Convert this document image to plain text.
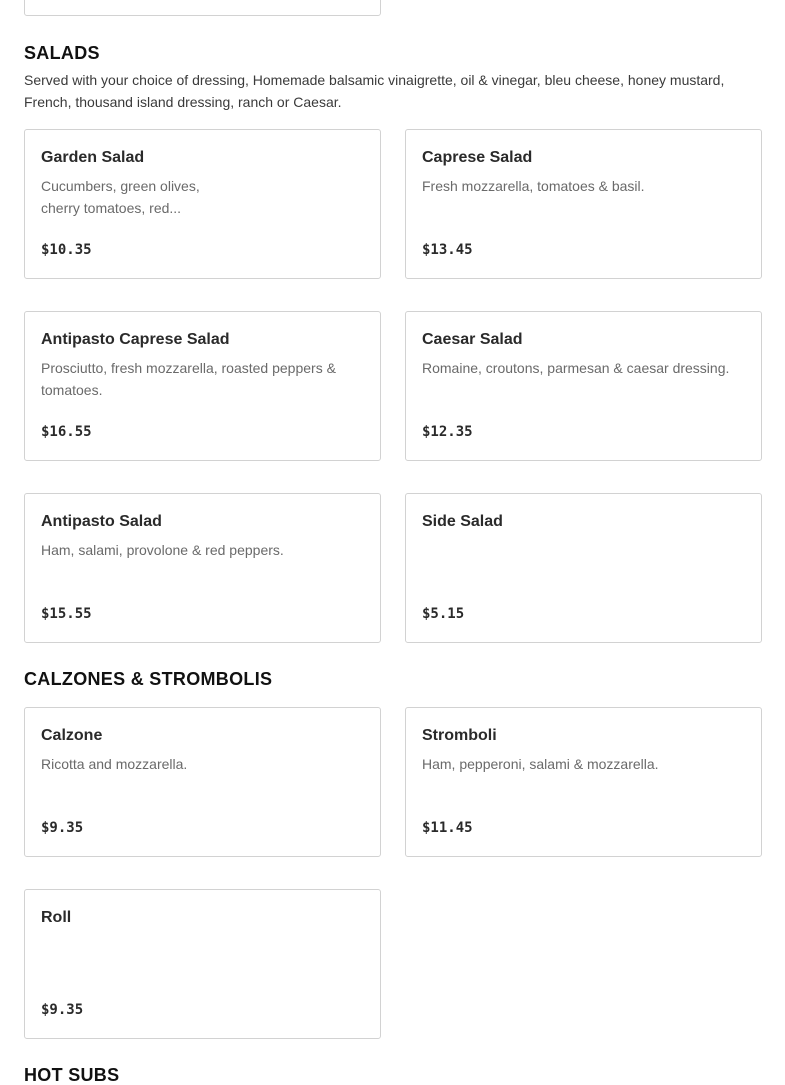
SALADS
Served with your choice of dressing, Homemade balsamic vinaigrette, oil & vinegar, bleu cheese, honey mustard, French, thousand island dressing, ranch or Caesar.
Garden Salad
Cucumbers, green olives,
cherry tomatoes, red...
$10.35
Caprese Salad
Fresh mozzarella, tomatoes & basil.
$13.45
Antipasto Caprese Salad
Prosciutto, fresh mozzarella, roasted peppers & tomatoes.
$16.55
Caesar Salad
Romaine, croutons, parmesan & caesar dressing.
$12.35
Antipasto Salad
Ham, salami, provolone & red peppers.
$15.55
Side Salad
$5.15
CALZONES & STROMBOLIS
Calzone
Ricotta and mozzarella.
$9.35
Stromboli
Ham, pepperoni, salami & mozzarella.
$11.45
Roll
$9.35
HOT SUBS
